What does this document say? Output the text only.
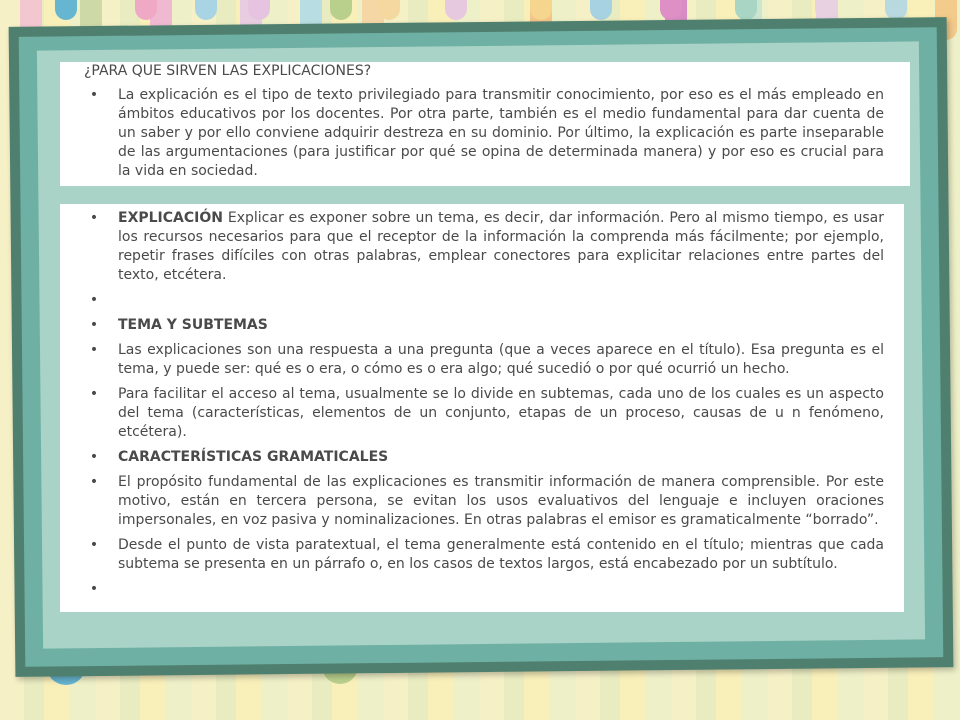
¿PARA QUE SIRVEN LAS EXPLICACIONES?
•	La explicación es el tipo de texto privilegiado para transmitir conocimiento, por eso es el más empleado en ámbitos educativos por los docentes. Por otra parte, también es el medio fundamental para dar cuenta de un saber y por ello conviene adquirir destreza en su dominio. Por último, la explicación es parte inseparable de las argumentaciones (para justificar por qué se opina de determinada manera) y por eso es crucial para la vida en sociedad.
•	EXPLICACIÓN Explicar es exponer sobre un tema, es decir, dar información. Pero al mismo tiempo, es usar los recursos necesarios para que el receptor de la información la comprenda más fácilmente; por ejemplo, repetir frases difíciles con otras palabras, emplear conectores para explicitar relaciones entre partes del texto, etcétera.
•

•	TEMA Y SUBTEMAS
•	Las explicaciones son una respuesta a una pregunta (que a veces aparece en el título). Esa pregunta es el tema, y puede ser: qué es o era, o cómo es o era algo; qué sucedió o por qué ocurrió un hecho.
•	Para facilitar el acceso al tema, usualmente se lo divide en subtemas, cada uno de los cuales es un aspecto del tema (características, elementos de un conjunto, etapas de un proceso, causas de u n fenómeno, etcétera).
•	CARACTERÍSTICAS GRAMATICALES
•	El propósito fundamental de las explicaciones es transmitir información de manera comprensible. Por este motivo, están en tercera persona, se evitan los usos evaluativos del lenguaje e incluyen oraciones impersonales, en voz pasiva y nominalizaciones. En otras palabras el emisor es gramaticalmente “borrado”.
•	Desde el punto de vista paratextual, el tema generalmente está contenido en el título; mientras que cada subtema se presenta en un párrafo o, en los casos de textos largos, está encabezado por un subtítulo.
•
